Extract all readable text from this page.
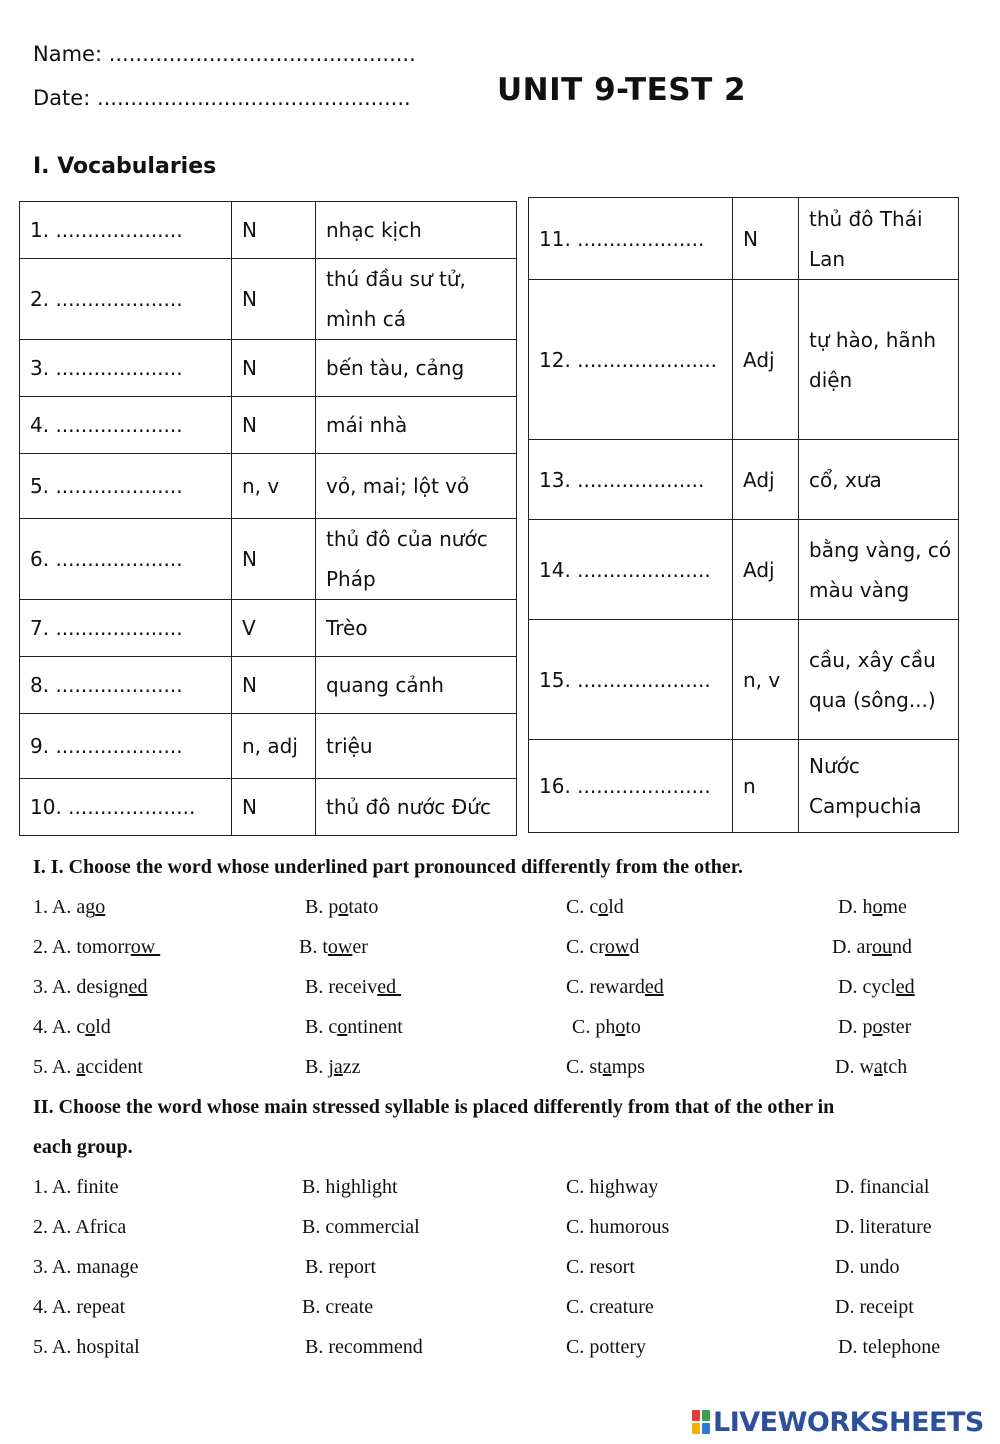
Name: ..............................................
Date: ...............................................	UNIT 9-TEST 2
I. Vocabularies
1. ....................	N	nhạc kịch
2. ....................	N	thú đầu sư tử, mình cá
3. ....................	N	bến tàu, cảng
4. ....................	N	mái nhà
5. ....................	n, v	vỏ, mai; lột vỏ
6. ....................	N	thủ đô của nước Pháp
7. ....................	V	Trèo
8. ....................	N	quang cảnh
9. ....................	n, adj	triệu
10. ....................	N	thủ đô nước Đức
11. ....................	N	thủ đô Thái Lan
12. ......................	Adj	tự hào, hãnh diện
13. ....................	Adj	cổ, xưa
14. .....................	Adj	bằng vàng, có màu vàng
15. .....................	n, v	cầu, xây cầu qua (sông...)
16. .....................	n	Nước Campuchia
I. I. Choose the word whose underlined part pronounced differently from the other.
1. A. ago	B. potato	C. cold	D. home
2. A. tomorrow	B. tower	C. crowd	D. around
3. A. designed	B. received	C. rewarded	D. cycled
4. A. cold	B. continent	C. photo	D. poster
5. A. accident	B. jazz	C. stamps	D. watch
II. Choose the word whose main stressed syllable is placed differently from that of the other in
each group.
1. A. finite	B. highlight	C. highway	D. financial
2. A. Africa	B. commercial	C. humorous	D. literature
3. A. manage	B. report	C. resort	D. undo
4. A. repeat	B. create	C. creature	D. receipt
5. A. hospital	B. recommend	C. pottery	D. telephone
LIVEWORKSHEETS
